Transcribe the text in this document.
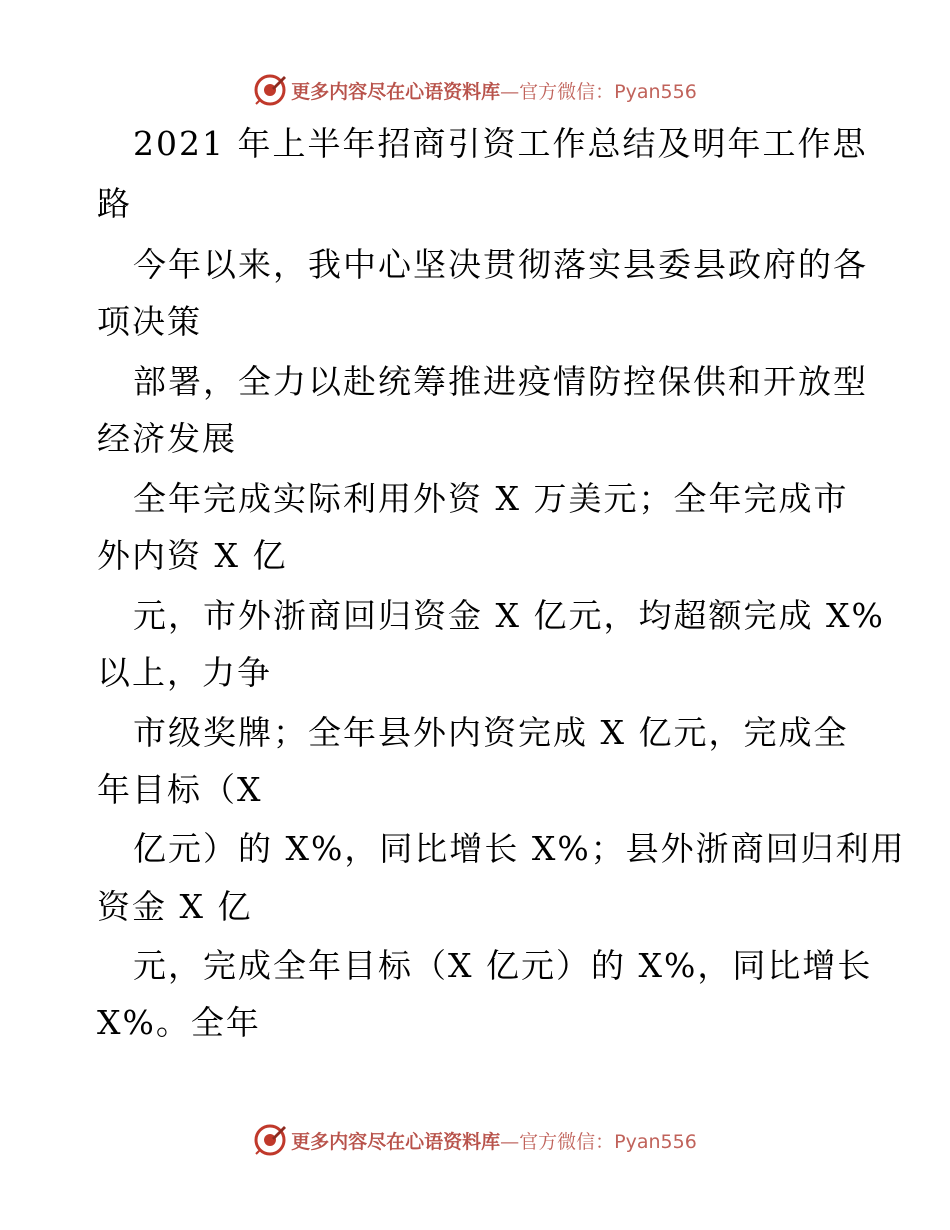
更多内容尽在心语资料库—官方微信：Pyan556
2021 年上半年招商引资工作总结及明年工作思
路
今年以来，我中心坚决贯彻落实县委县政府的各
项决策
部署，全力以赴统筹推进疫情防控保供和开放型
经济发展
全年完成实际利用外资 X 万美元；全年完成市
外内资 X 亿
元，市外浙商回归资金 X 亿元，均超额完成 X%
以上，力争
市级奖牌；全年县外内资完成 X 亿元，完成全
年目标（X
亿元）的 X%，同比增长 X%；县外浙商回归利用
资金 X 亿
元，完成全年目标（X 亿元）的 X%，同比增长
X%。全年
更多内容尽在心语资料库—官方微信：Pyan556
